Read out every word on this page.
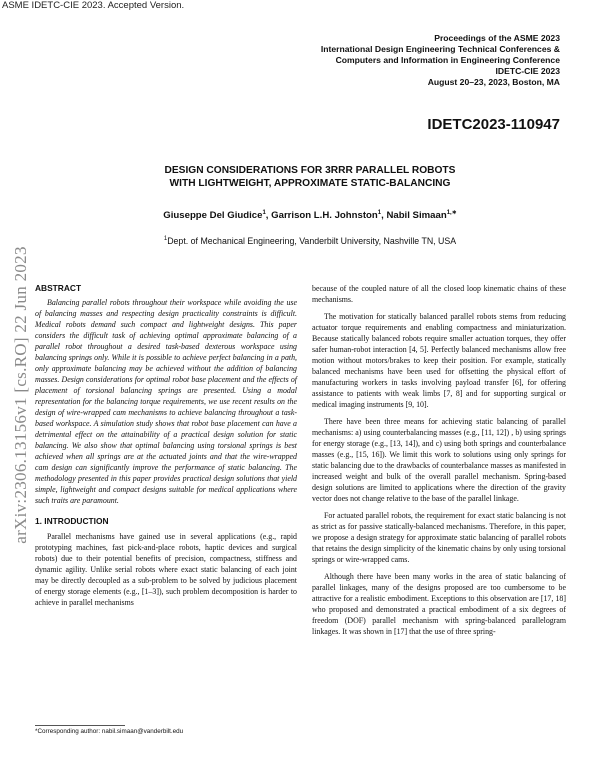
ASME IDETC-CIE 2023. Accepted Version.
Proceedings of the ASME 2023
International Design Engineering Technical Conferences &
Computers and Information in Engineering Conference
IDETC-CIE 2023
August 20–23, 2023, Boston, MA
IDETC2023-110947
DESIGN CONSIDERATIONS FOR 3RRR PARALLEL ROBOTS
WITH LIGHTWEIGHT, APPROXIMATE STATIC-BALANCING
Giuseppe Del Giudice$^1$, Garrison L.H. Johnston$^1$, Nabil Simaan$^{1,∗}$
$^1$Dept. of Mechanical Engineering, Vanderbilt University, Nashville TN, USA
arXiv:2306.13156v1 [cs.RO] 22 Jun 2023 ABSTRACT

Balancing parallel robots throughout their workspace while avoiding the use of balancing masses and respecting design practicality constraints is difficult. Medical robots demand such compact and lightweight designs. This paper considers the difficult task of achieving optimal approximate balancing of a parallel robot throughout a desired task-based dexterous workspace using balancing springs only. While it is possible to achieve perfect balancing in a path, only approximate balancing may be achieved without the addition of balancing masses. Design considerations for optimal robot base placement and the effects of placement of torsional balancing springs are presented. Using a modal representation for the balancing torque requirements, we use recent results on the design of wire-wrapped cam mechanisms to achieve balancing throughout a task-based workspace. A simulation study shows that robot base placement can have a detrimental effect on the attainability of a practical design solution for static balancing. We also show that optimal balancing using torsional springs is best achieved when all springs are at the actuated joints and that the wire-wrapped cam design can significantly improve the performance of static balancing. The methodology presented in this paper provides practical design solutions that yield simple, lightweight and compact designs suitable for medical applications where such traits are paramount.

1. INTRODUCTION

Parallel mechanisms have gained use in several applications (e.g., rapid prototyping machines, fast pick-and-place robots, haptic devices and surgical robots) due to their potential benefits of precision, compactness, stiffness and dynamic agility. Unlike serial robots where exact static balancing of each joint may be directly decoupled as a sub-problem to be solved by judicious placement of energy storage elements (e.g., [1–3]), such problem decomposition is harder to achieve in parallel mechanisms

because of the coupled nature of all the closed loop kinematic chains of these mechanisms.

The motivation for statically balanced parallel robots stems from reducing actuator torque requirements and enabling compactness and miniaturization. Because statically balanced robots require smaller actuation torques, they offer safer human-robot interaction [4, 5]. Perfectly balanced mechanisms allow free motion without motors/brakes to keep their position. For example, statically balanced mechanisms have been used for offsetting the physical effort of manufacturing workers in tasks involving payload transfer [6], for offering assistance to patients with weak limbs [7, 8] and for supporting surgical or medical imaging instruments [9, 10].

There have been three means for achieving static balancing of parallel mechanisms: a) using counterbalancing masses (e.g., [11, 12]) , b) using springs for energy storage (e.g., [13, 14]), and c) using both springs and counterbalance masses (e.g., [15, 16]). We limit this work to solutions using only springs for static balancing due to the drawbacks of counterbalance masses as manifested in increased weight and bulk of the overall parallel mechanism. Spring-based design solutions are limited to applications where the direction of the gravity vector does not change relative to the base of the parallel linkage.

For actuated parallel robots, the requirement for exact static balancing is not as strict as for passive statically-balanced mechanisms. Therefore, in this paper, we propose a design strategy for approximate static balancing of parallel robots that retains the design simplicity of the kinematic chains by only using torsional springs or wire-wrapped cams.

Although there have been many works in the area of static balancing of parallel linkages, many of the designs proposed are too cumbersome to be attractive for a realistic embodiment. Exceptions to this observation are [17, 18] who proposed and demonstrated a practical embodiment of a six degrees of freedom (DOF) parallel mechanism with spring-balanced parallelogram linkages. It was shown in [17] that the use of three spring-

*Corresponding author: nabil.simaan@vanderbilt.edu
